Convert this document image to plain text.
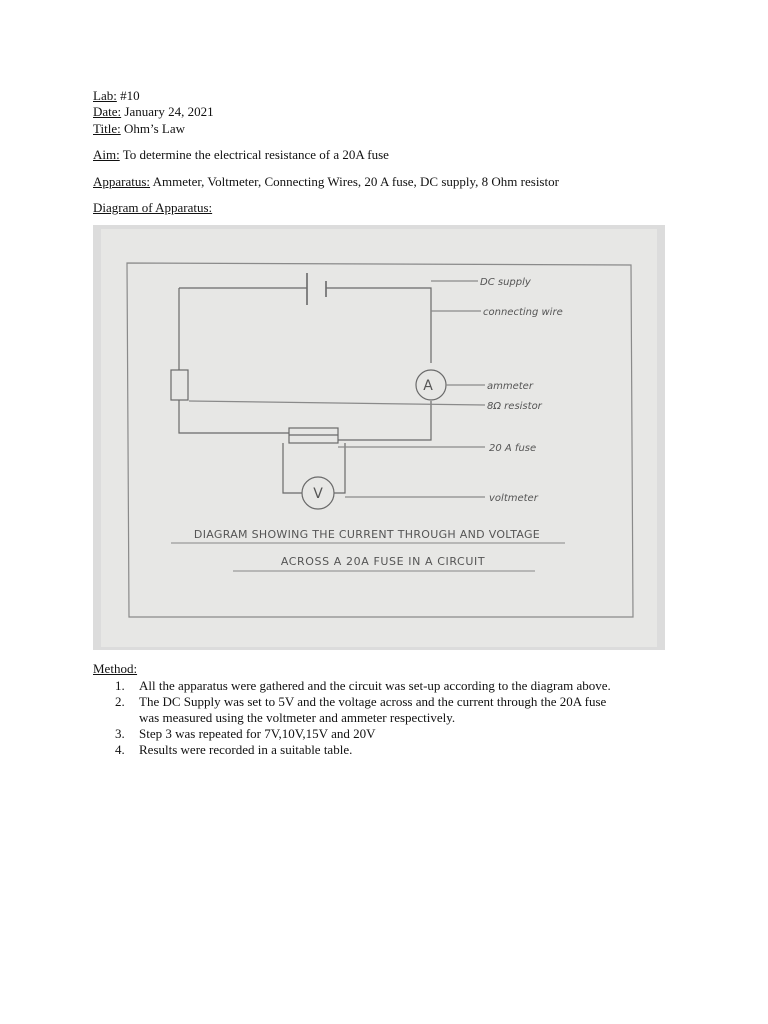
Lab: #10
Date: January 24, 2021
Title: Ohm’s Law
Aim: To determine the electrical resistance of a 20A fuse
Apparatus: Ammeter, Voltmeter, Connecting Wires, 20 A fuse, DC supply, 8 Ohm resistor
Diagram of Apparatus:
A
V
DC supply
connecting wire
ammeter
8Ω resistor
20 A fuse
voltmeter
DIAGRAM SHOWING THE CURRENT THROUGH AND VOLTAGE
ACROSS A 20A FUSE IN A CIRCUIT
Method:
1. All the apparatus were gathered and the circuit was set-up according to the diagram above.
2. The DC Supply was set to 5V and the voltage across and the current through the 20A fuse
was measured using the voltmeter and ammeter respectively.
3. Step 3 was repeated for 7V,10V,15V and 20V
4. Results were recorded in a suitable table.
